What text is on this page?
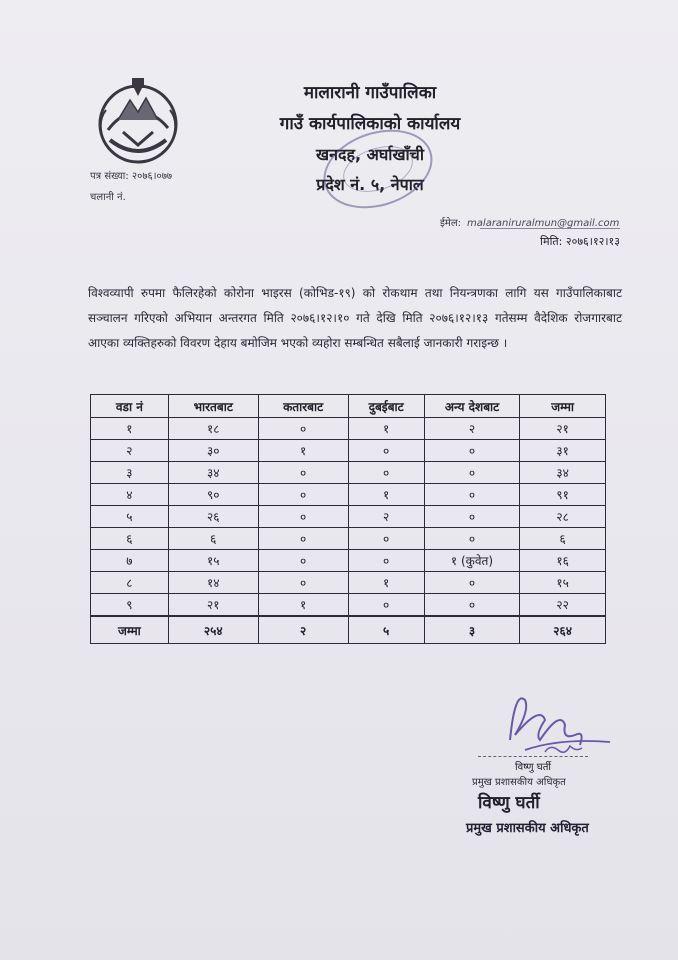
मालारानी गाउँपालिका
गाउँ कार्यपालिकाको कार्यालय
खनदह, अर्घाखाँची
प्रदेश नं. ५, नेपाल
पत्र संख्या: २०७६।०७७
चलानी नं.
ईमेल: malaraniruralmun@gmail.com
मिति: २०७६।१२।१३
विश्वव्यापी रुपमा फैलिरहेको कोरोना भाइरस (कोभिड-१९) को रोकथाम तथा नियन्त्रणका लागि यस गाउँपालिकाबाट सञ्चालन गरिएको अभियान अन्तरगत मिति २०७६।१२।१० गते देखि मिति २०७६।१२।१३ गतेसम्म वैदेशिक रोजगारबाट आएका व्यक्तिहरुको विवरण देहाय बमोजिम भएको व्यहोरा सम्बन्धित सबैलाई जानकारी गराइन्छ ।
वडा नं	भारतबाट	कतारबाट	दुबईबाट	अन्य देशबाट	जम्मा
१	१८	०	१	२	२१
२	३०	१	०	०	३१
३	३४	०	०	०	३४
४	९०	०	१	०	९१
५	२६	०	२	०	२८
६	६	०	०	०	६
७	१५	०	०	१ (कुवेत)	१६
८	१४	०	१	०	१५
९	२१	१	०	०	२२
जम्मा	२५४	२	५	३	२६४
विष्णु घर्ती
प्रमुख प्रशासकीय अधिकृत
विष्णु घर्ती
प्रमुख प्रशासकीय अधिकृत
